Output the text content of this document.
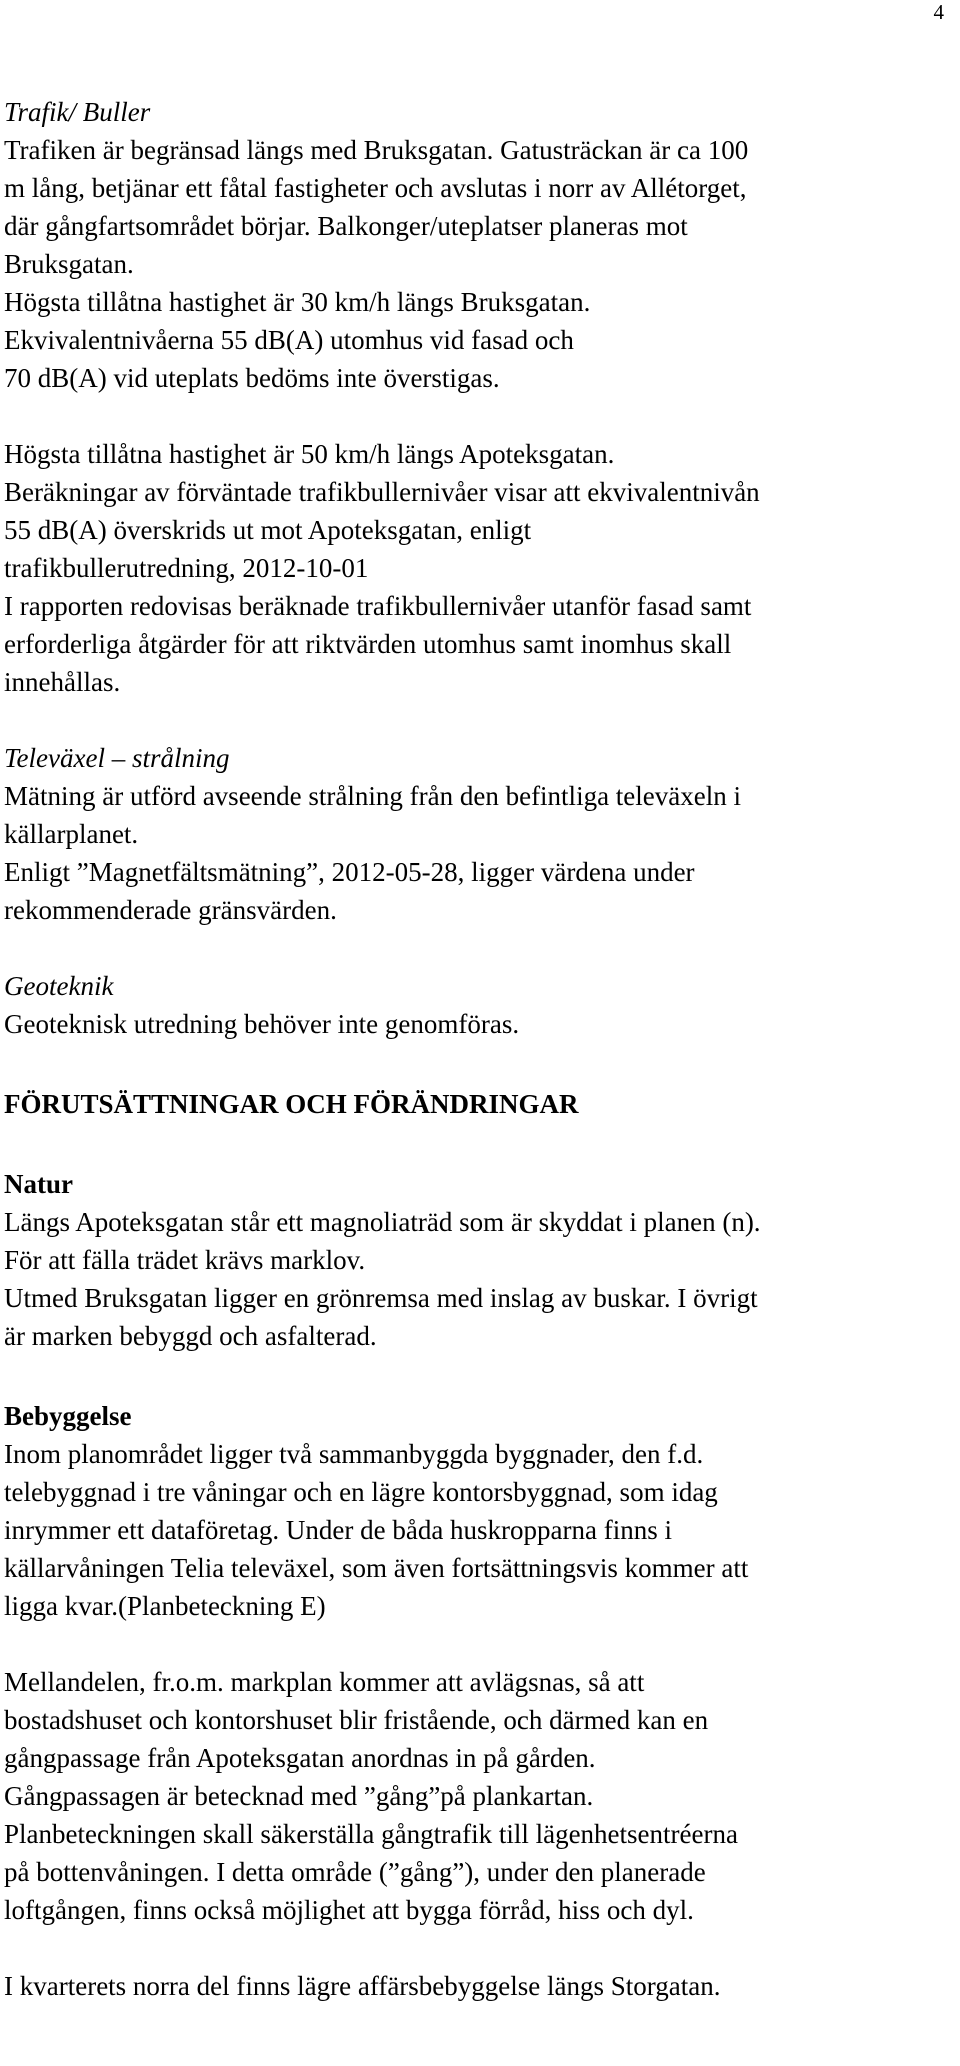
4

Trafik/ Buller

Trafiken är begränsad längs med Bruksgatan. Gatusträckan är ca 100

m lång, betjänar ett fåtal fastigheter och avslutas i norr av Allétorget,

där gångfartsområdet börjar. Balkonger/uteplatser planeras mot

Bruksgatan.

Högsta tillåtna hastighet är 30 km/h längs Bruksgatan.

Ekvivalentnivåerna 55 dB(A) utomhus vid fasad och

70 dB(A) vid uteplats bedöms inte överstigas.

Högsta tillåtna hastighet är 50 km/h längs Apoteksgatan.

Beräkningar av förväntade trafikbullernivåer visar att ekvivalentnivån

55 dB(A) överskrids ut mot Apoteksgatan, enligt

trafikbullerutredning, 2012-10-01

I rapporten redovisas beräknade trafikbullernivåer utanför fasad samt

erforderliga åtgärder för att riktvärden utomhus samt inomhus skall

innehållas.

Televäxel – strålning

Mätning är utförd avseende strålning från den befintliga televäxeln i

källarplanet.

Enligt ”Magnetfältsmätning”, 2012-05-28, ligger värdena under

rekommenderade gränsvärden.

Geoteknik

Geoteknisk utredning behöver inte genomföras.

FÖRUTSÄTTNINGAR OCH FÖRÄNDRINGAR

Natur

Längs Apoteksgatan står ett magnoliaträd som är skyddat i planen (n).

För att fälla trädet krävs marklov.

Utmed Bruksgatan ligger en grönremsa med inslag av buskar. I övrigt

är marken bebyggd och asfalterad.

Bebyggelse

Inom planområdet ligger två sammanbyggda byggnader, den f.d.

telebyggnad i tre våningar och en lägre kontorsbyggnad, som idag

inrymmer ett dataföretag. Under de båda huskropparna finns i

källarvåningen Telia televäxel, som även fortsättningsvis kommer att

ligga kvar.(Planbeteckning E)

Mellandelen, fr.o.m. markplan kommer att avlägsnas, så att

bostadshuset och kontorshuset blir fristående, och därmed kan en

gångpassage från Apoteksgatan anordnas in på gården.

Gångpassagen är betecknad med ”gång”på plankartan.

Planbeteckningen skall säkerställa gångtrafik till lägenhetsentréerna

på bottenvåningen. I detta område (”gång”), under den planerade

loftgången, finns också möjlighet att bygga förråd, hiss och dyl.

I kvarterets norra del finns lägre affärsbebyggelse längs Storgatan.
